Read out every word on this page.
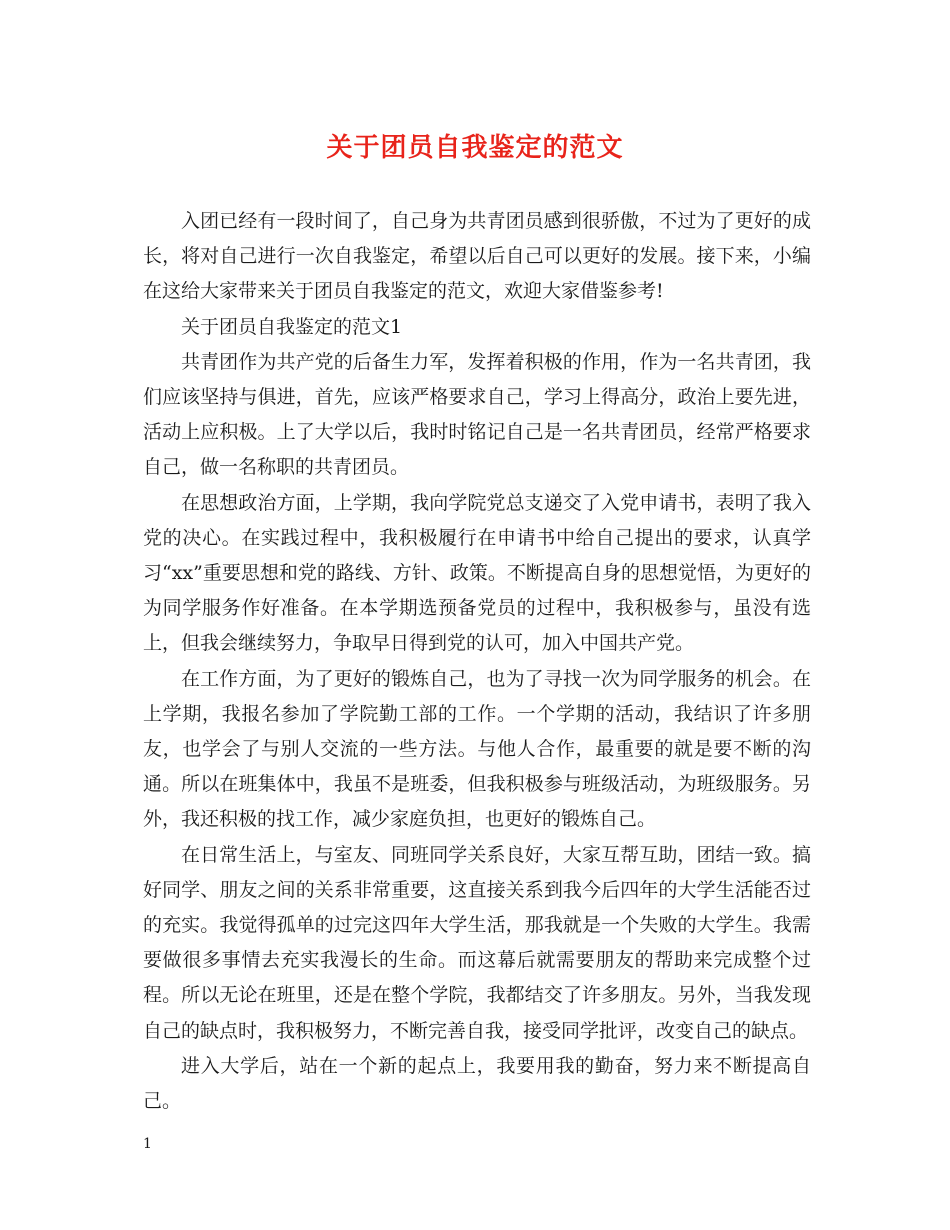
关于团员自我鉴定的范文

入团已经有一段时间了，自己身为共青团员感到很骄傲，不过为了更好的成长，将对自己进行一次自我鉴定，希望以后自己可以更好的发展。接下来，小编在这给大家带来关于团员自我鉴定的范文，欢迎大家借鉴参考!

关于团员自我鉴定的范文1

共青团作为共产党的后备生力军，发挥着积极的作用，作为一名共青团，我们应该坚持与俱进，首先，应该严格要求自己，学习上得高分，政治上要先进，活动上应积极。上了大学以后，我时时铭记自己是一名共青团员，经常严格要求自己，做一名称职的共青团员。

在思想政治方面，上学期，我向学院党总支递交了入党申请书，表明了我入党的决心。在实践过程中，我积极履行在申请书中给自己提出的要求，认真学习“xx”重要思想和党的路线、方针、政策。不断提高自身的思想觉悟，为更好的为同学服务作好准备。在本学期选预备党员的过程中，我积极参与，虽没有选上，但我会继续努力，争取早日得到党的认可，加入中国共产党。

在工作方面，为了更好的锻炼自己，也为了寻找一次为同学服务的机会。在上学期，我报名参加了学院勤工部的工作。一个学期的活动，我结识了许多朋友，也学会了与别人交流的一些方法。与他人合作，最重要的就是要不断的沟通。所以在班集体中，我虽不是班委，但我积极参与班级活动，为班级服务。另外，我还积极的找工作，减少家庭负担，也更好的锻炼自己。

在日常生活上，与室友、同班同学关系良好，大家互帮互助，团结一致。搞好同学、朋友之间的关系非常重要，这直接关系到我今后四年的大学生活能否过的充实。我觉得孤单的过完这四年大学生活，那我就是一个失败的大学生。我需要做很多事情去充实我漫长的生命。而这幕后就需要朋友的帮助来完成整个过程。所以无论在班里，还是在整个学院，我都结交了许多朋友。另外，当我发现自己的缺点时，我积极努力，不断完善自我，接受同学批评，改变自己的缺点。

进入大学后，站在一个新的起点上，我要用我的勤奋，努力来不断提高自己。

1
